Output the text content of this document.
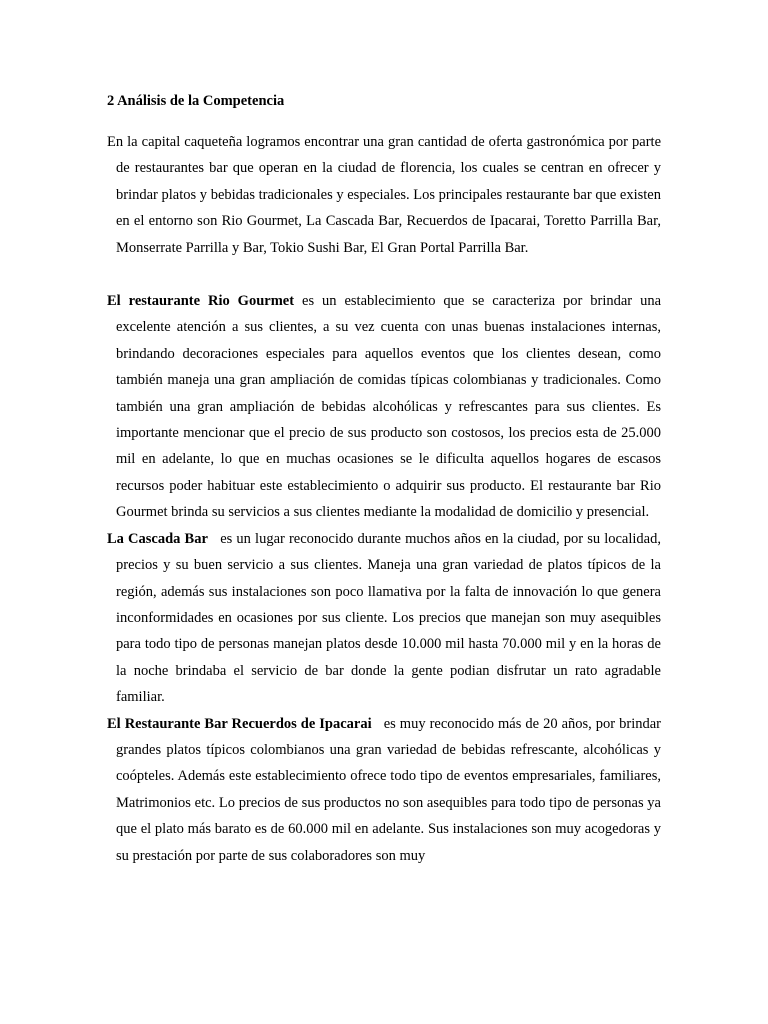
2 Análisis de la Competencia

En la capital caqueteña logramos encontrar una gran cantidad de oferta gastronómica por parte de restaurantes bar que operan en la ciudad de florencia, los cuales se centran en ofrecer y brindar platos y bebidas tradicionales y especiales. Los principales restaurante bar que existen en el entorno son Rio Gourmet, La Cascada Bar, Recuerdos de Ipacarai, Toretto Parrilla Bar, Monserrate Parrilla y Bar, Tokio Sushi Bar, El Gran Portal Parrilla Bar.

El restaurante Rio Gourmet es un establecimiento que se caracteriza por brindar una excelente atención a sus clientes, a su vez cuenta con unas buenas instalaciones internas, brindando decoraciones especiales para aquellos eventos que los clientes desean, como también maneja una gran ampliación de comidas típicas colombianas y tradicionales. Como también una gran ampliación de bebidas alcohólicas y refrescantes para sus clientes. Es importante mencionar que el precio de sus producto son costosos, los precios esta de 25.000 mil en adelante, lo que en muchas ocasiones se le dificulta aquellos hogares de escasos recursos poder habituar este establecimiento o adquirir sus producto. El restaurante bar Rio Gourmet brinda su servicios a sus clientes mediante la modalidad de domicilio y presencial.

La Cascada Bar es un lugar reconocido durante muchos años en la ciudad, por su localidad, precios y su buen servicio a sus clientes. Maneja una gran variedad de platos típicos de la región, además sus instalaciones son poco llamativa por la falta de innovación lo que genera inconformidades en ocasiones por sus cliente. Los precios que manejan son muy asequibles para todo tipo de personas manejan platos desde 10.000 mil hasta 70.000 mil y en la horas de la noche brindaba el servicio de bar donde la gente podian disfrutar un rato agradable familiar.

El Restaurante Bar Recuerdos de Ipacarai es muy reconocido más de 20 años, por brindar grandes platos típicos colombianos una gran variedad de bebidas refrescante, alcohólicas y coópteles. Además este establecimiento ofrece todo tipo de eventos empresariales, familiares, Matrimonios etc. Lo precios de sus productos no son asequibles para todo tipo de personas ya que el plato más barato es de 60.000 mil en adelante. Sus instalaciones son muy acogedoras y su prestación por parte de sus colaboradores son muy
